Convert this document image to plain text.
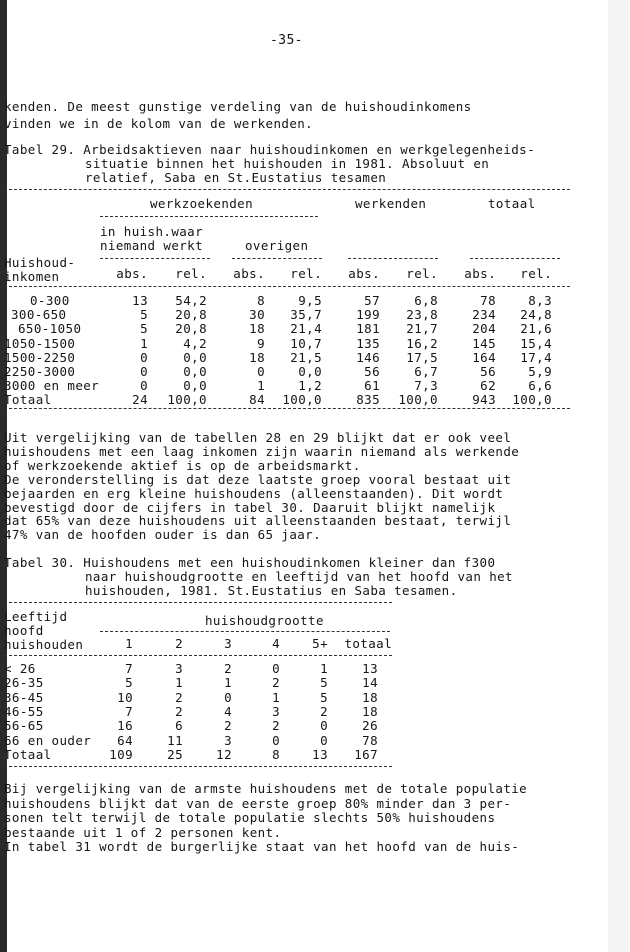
-35-
kenden. De meest gunstige verdeling van de huishoudinkomens
vinden we in de kolom van de werkenden.
Tabel 29. Arbeidsaktieven naar huishoudinkomen en werkgelegenheids-
situatie binnen het huishouden in 1981. Absoluut en
relatief, Saba en St.Eustatius tesamen
werkzoekenden	werkenden	totaal
in huish.waar
niemand werkt	overigen
Huishoud-
inkomen	abs. rel. abs. rel. abs. rel. abs. rel.
0-300	13 54,2	8	9,5	57	6,8	78	8,3
300-650	5 20,8	30 35,7	199 23,8	234 24,8
650-1050	5 20,8	18 21,4	181 21,7	204 21,6
1050-1500	1	4,2	9 10,7	135 16,2	145 15,4
1500-2250	0	0,0	18 21,5	146 17,5	164 17,4
2250-3000	0	0,0	0	0,0	56	6,7	56	5,9
3000 en meer	0	0,0	1	1,2	61	7,3	62	6,6
Totaal	24 100,0	84 100,0	835 100,0	943 100,0
Uit vergelijking van de tabellen 28 en 29 blijkt dat er ook veel
huishoudens met een laag inkomen zijn waarin niemand als werkende
of werkzoekende aktief is op de arbeidsmarkt.
De veronderstelling is dat deze laatste groep vooral bestaat uit
bejaarden en erg kleine huishoudens (alleenstaanden). Dit wordt
bevestigd door de cijfers in tabel 30. Daaruit blijkt namelijk
dat 65% van deze huishoudens uit alleenstaanden bestaat, terwijl
47% van de hoofden ouder is dan 65 jaar.
Tabel 30. Huishoudens met een huishoudinkomen kleiner dan f300
naar huishoudgrootte en leeftijd van het hoofd van het
huishouden, 1981. St.Eustatius en Saba tesamen.
Leeftijd
hoofd
huishouden
huishoudgrootte
1	2	3	4	5+ totaal
< 26	7	3	2	0	1	13
26-35	5	1	1	2	5	14
36-45	10	2	0	1	5	18
46-55	7	2	4	3	2	18
56-65	16	6	2	2	0	26
66 en ouder 64	11	3	0	0	78
Totaal	109	25	12	8	13 167
Bij vergelijking van de armste huishoudens met de totale populatie
huishoudens blijkt dat van de eerste groep 80% minder dan 3 per-
sonen telt terwijl de totale populatie slechts 50% huishoudens
bestaande uit 1 of 2 personen kent.
In tabel 31 wordt de burgerlijke staat van het hoofd van de huis-
